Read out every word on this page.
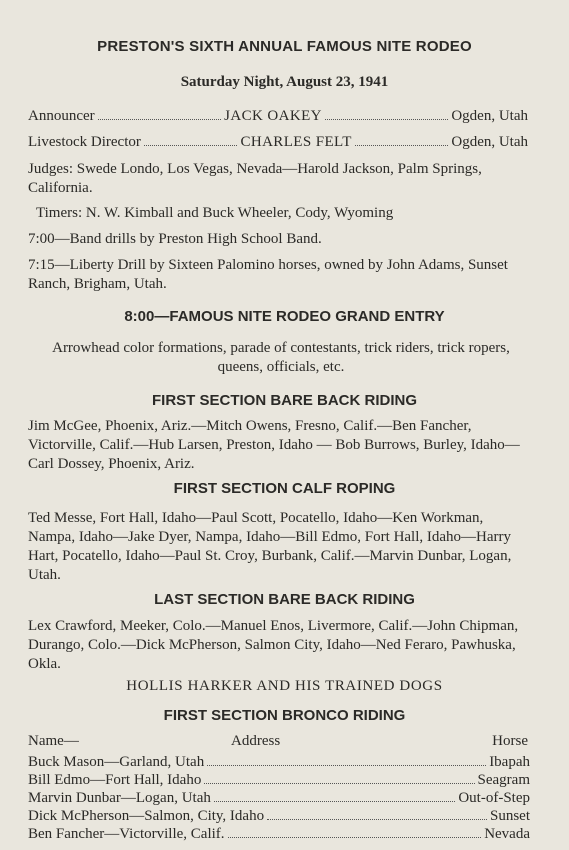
PRESTON'S SIXTH ANNUAL FAMOUS NITE RODEO
Saturday Night, August 23, 1941
Announcer	JACK OAKEY	Ogden, Utah
Livestock Director	CHARLES FELT	Ogden, Utah
Judges: Swede Londo, Los Vegas, Nevada—Harold Jackson, Palm Springs, California.
Timers: N. W. Kimball and Buck Wheeler, Cody, Wyoming
7:00—Band drills by Preston High School Band.
7:15—Liberty Drill by Sixteen Palomino horses, owned by John Adams, Sunset Ranch, Brigham, Utah.
8:00—FAMOUS NITE RODEO GRAND ENTRY
Arrowhead color formations, parade of contestants, trick riders, trick ropers, queens, officials, etc.
FIRST SECTION BARE BACK RIDING
Jim McGee, Phoenix, Ariz.—Mitch Owens, Fresno, Calif.—Ben Fancher, Victorville, Calif.—Hub Larsen, Preston, Idaho — Bob Burrows, Burley, Idaho—Carl Dossey, Phoenix, Ariz.
FIRST SECTION CALF ROPING
Ted Messe, Fort Hall, Idaho—Paul Scott, Pocatello, Idaho—Ken Workman, Nampa, Idaho—Jake Dyer, Nampa, Idaho—Bill Edmo, Fort Hall, Idaho—Harry Hart, Pocatello, Idaho—Paul St. Croy, Burbank, Calif.—Marvin Dunbar, Logan, Utah.
LAST SECTION BARE BACK RIDING
Lex Crawford, Meeker, Colo.—Manuel Enos, Livermore, Calif.—John Chipman, Durango, Colo.—Dick McPherson, Salmon City, Idaho—Ned Feraro, Pawhuska, Okla.
HOLLIS HARKER AND HIS TRAINED DOGS
FIRST SECTION BRONCO RIDING
Name—	Address	Horse
Buck Mason—Garland, Utah	Ibapah
Bill Edmo—Fort Hall, Idaho	Seagram
Marvin Dunbar—Logan, Utah	Out-of-Step
Dick McPherson—Salmon, City, Idaho	Sunset
Ben Fancher—Victorville, Calif.	Nevada
